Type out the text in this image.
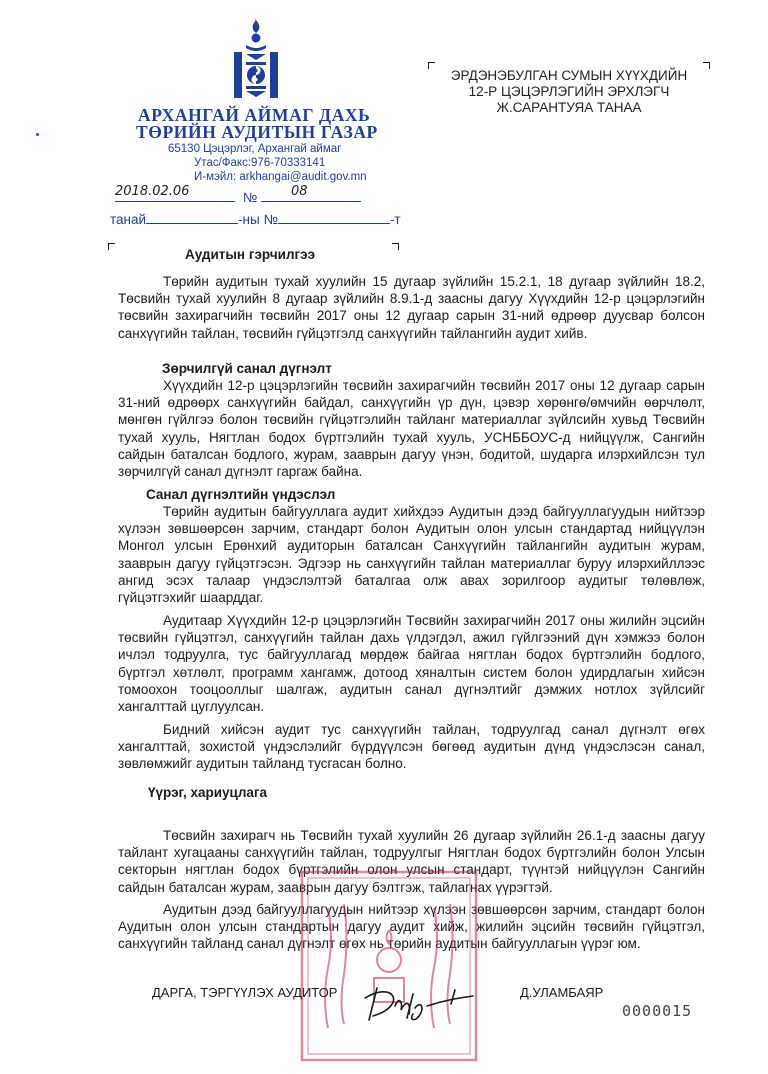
АРХАНГАЙ АЙМАГ ДАХЬ
ТӨРИЙН АУДИТЫН ГАЗАР
65130 Цэцэрлэг, Архангай аймаг
Утас/Факс:976-70333141
И-мэйл: arkhangai@audit.gov.mn
ЭРДЭНЭБУЛГАН СУМЫН ХҮҮХДИЙН
12-Р ЦЭЦЭРЛЭГИЙН ЭРХЛЭГЧ
Ж.САРАНТУЯА ТАНАА
2018.02.06	№	08
танай	-ны №	-т
Аудитын гэрчилгээ
Төрийн аудитын тухай хуулийн 15 дугаар зүйлийн 15.2.1, 18 дугаар зүйлийн 18.2, Төсвийн тухай хуулийн 8 дугаар зүйлийн 8.9.1-д заасны дагуу Хүүхдийн 12-р цэцэрлэгийн төсвийн захирагчийн төсвийн 2017 оны 12 дугаар сарын 31-ний өдрөөр дуусвар болсон санхүүгийн тайлан, төсвийн гүйцэтгэлд санхүүгийн тайлангийн аудит хийв.
Зөрчилгүй санал дүгнэлт
Хүүхдийн 12-р цэцэрлэгийн төсвийн захирагчийн төсвийн 2017 оны 12 дугаар сарын 31-ний өдрөөрх санхүүгийн байдал, санхүүгийн үр дүн, цэвэр хөрөнгө/өмчийн өөрчлөлт, мөнгөн гүйлгээ болон төсвийн гүйцэтгэлийн тайланг материаллаг зүйлсийн хувьд Төсвийн тухай хууль, Нягтлан бодох бүртгэлийн тухай хууль, УСНББОУС-д нийцүүлж, Сангийн сайдын баталсан бодлого, журам, зааврын дагуу үнэн, бодитой, шударга илэрхийлсэн тул зөрчилгүй санал дүгнэлт гаргаж байна.
Санал дүгнэлтийн үндэслэл
Төрийн аудитын байгууллага аудит хийхдээ Аудитын дээд байгууллагуудын нийтээр хүлээн зөвшөөрсөн зарчим, стандарт болон Аудитын олон улсын стандартад нийцүүлэн Монгол улсын Ерөнхий аудиторын баталсан Санхүүгийн тайлангийн аудитын журам, зааврын дагуу гүйцэтгэсэн. Эдгээр нь санхүүгийн тайлан материаллаг буруу илэрхийллээс ангид эсэх талаар үндэслэлтэй баталгаа олж авах зорилгоор аудитыг төлөвлөж, гүйцэтгэхийг шаарддаг.
Аудитаар Хүүхдийн 12-р цэцэрлэгийн Төсвийн захирагчийн 2017 оны жилийн эцсийн төсвийн гүйцэтгэл, санхүүгийн тайлан дахь үлдэгдэл, ажил гүйлгээний дүн хэмжээ болон ичлэл тодруулга, тус байгууллагад мөрдөж байгаа нягтлан бодох бүртгэлийн бодлого, бүртгэл хөтлөлт, программ хангамж, дотоод хяналтын систем болон удирдлагын хийсэн томоохон тооцооллыг шалгаж, аудитын санал дүгнэлтийг дэмжих нотлох зүйлсийг хангалттай цуглуулсан.
Бидний хийсэн аудит тус санхүүгийн тайлан, тодруулгад санал дүгнэлт өгөх хангалттай, зохистой үндэслэлийг бүрдүүлсэн бөгөөд аудитын дүнд үндэслэсэн санал, зөвлөмжийг аудитын тайланд тусгасан болно.
Үүрэг, хариуцлага
Төсвийн захирагч нь Төсвийн тухай хуулийн 26 дугаар зүйлийн 26.1-д заасны дагуу тайлант хугацааны санхүүгийн тайлан, тодруулгыг Нягтлан бодох бүртгэлийн болон Улсын секторын нягтлан бодох бүртгэлийн олон улсын стандарт, түүнтэй нийцүүлэн Сангийн сайдын баталсан журам, зааврын дагуу бэлтгэж, тайлагнах үүрэгтэй.
Аудитын дээд байгууллагуудын нийтээр хүлээн зөвшөөрсөн зарчим, стандарт болон Аудитын олон улсын стандартын дагуу аудит хийж, жилийн эцсийн төсвийн гүйцэтгэл, санхүүгийн тайланд санал дүгнэлт өгөх нь төрийн аудитын байгууллагын үүрэг юм.
ДАРГА, ТЭРГҮҮЛЭХ АУДИТОР	Д.УЛАМБАЯР
0000015
